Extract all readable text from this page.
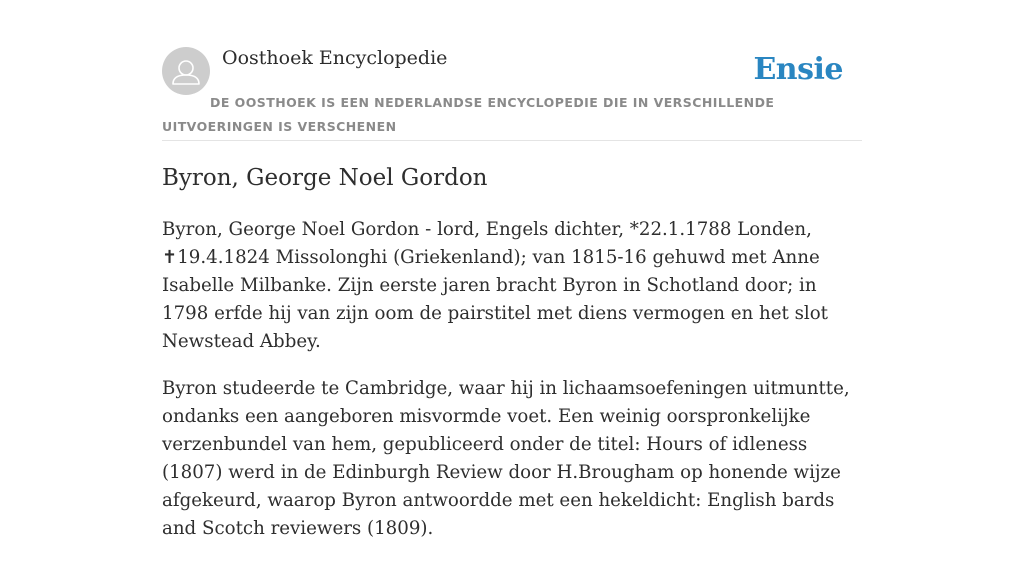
Oosthoek Encyclopedie	Ensie
DE OOSTHOEK IS EEN NEDERLANDSE ENCYCLOPEDIE DIE IN VERSCHILLENDE UITVOERINGEN IS VERSCHENEN
Byron, George Noel Gordon

Byron, George Noel Gordon - lord, Engels dichter, *22.1.1788 Londen, ✝19.4.1824 Missolonghi (Griekenland); van 1815-16 gehuwd met Anne Isabelle Milbanke. Zijn eerste jaren bracht Byron in Schotland door; in 1798 erfde hij van zijn oom de pairstitel met diens vermogen en het slot Newstead Abbey.

Byron studeerde te Cambridge, waar hij in lichaamsoefeningen uitmuntte, ondanks een aangeboren misvormde voet. Een weinig oorspronkelijke verzenbundel van hem, gepubliceerd onder de titel: Hours of idleness (1807) werd in de Edinburgh Review door H.Brougham op honende wijze afgekeurd, waarop Byron antwoordde met een hekeldicht: English bards and Scotch reviewers (1809).
